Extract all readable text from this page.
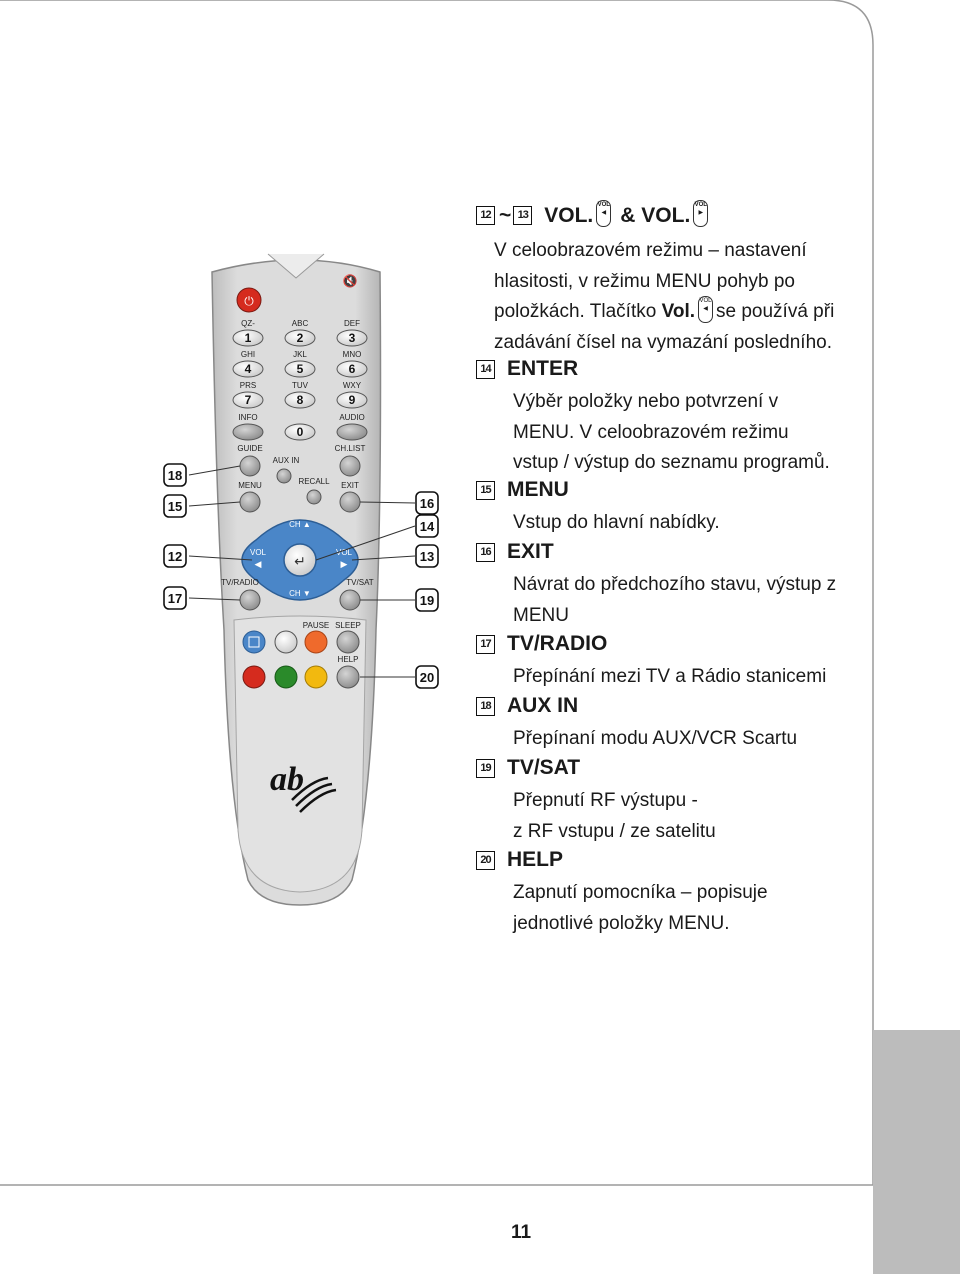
⏻
🔇
QZ-	ABC	DEF
1	2	3
GHI	JKL	MNO
4	5	6
PRS	TUV	WXY
7	8	9
INFO	AUDIO
0
GUIDE	CH.LIST
AUX IN
MENU	RECALL EXIT
CH ▲
CH ▼
VOL
◀
VOL
▶
↵
TV/RADIO	TV/SAT
PAUSE SLEEP
HELP
ab
18
15
12
17
16
14
13
19
20
12 ~ 13 VOL. VOL
◀ & VOL. VOL
▶
V celoobrazovém režimu – nastavení
hlasitosti, v režimu MENU pohyb po
položkách. Tlačítko Vol. VOL
◀ se používá při
zadávání čísel na vymazání posledního.
14 ENTER
Výběr položky nebo potvrzení v
MENU. V celoobrazovém režimu
vstup / výstup do seznamu programů.
15 MENU
Vstup do hlavní nabídky.
16 EXIT
Návrat do předchozího stavu, výstup z
MENU
17 TV/RADIO
Přepínání mezi TV a Rádio stanicemi
18 AUX IN
Přepínaní modu AUX/VCR Scartu
19 TV/SAT
Přepnutí RF výstupu -
z RF vstupu / ze satelitu
20 HELP
Zapnutí pomocníka – popisuje
jednotlivé položky MENU.
11
